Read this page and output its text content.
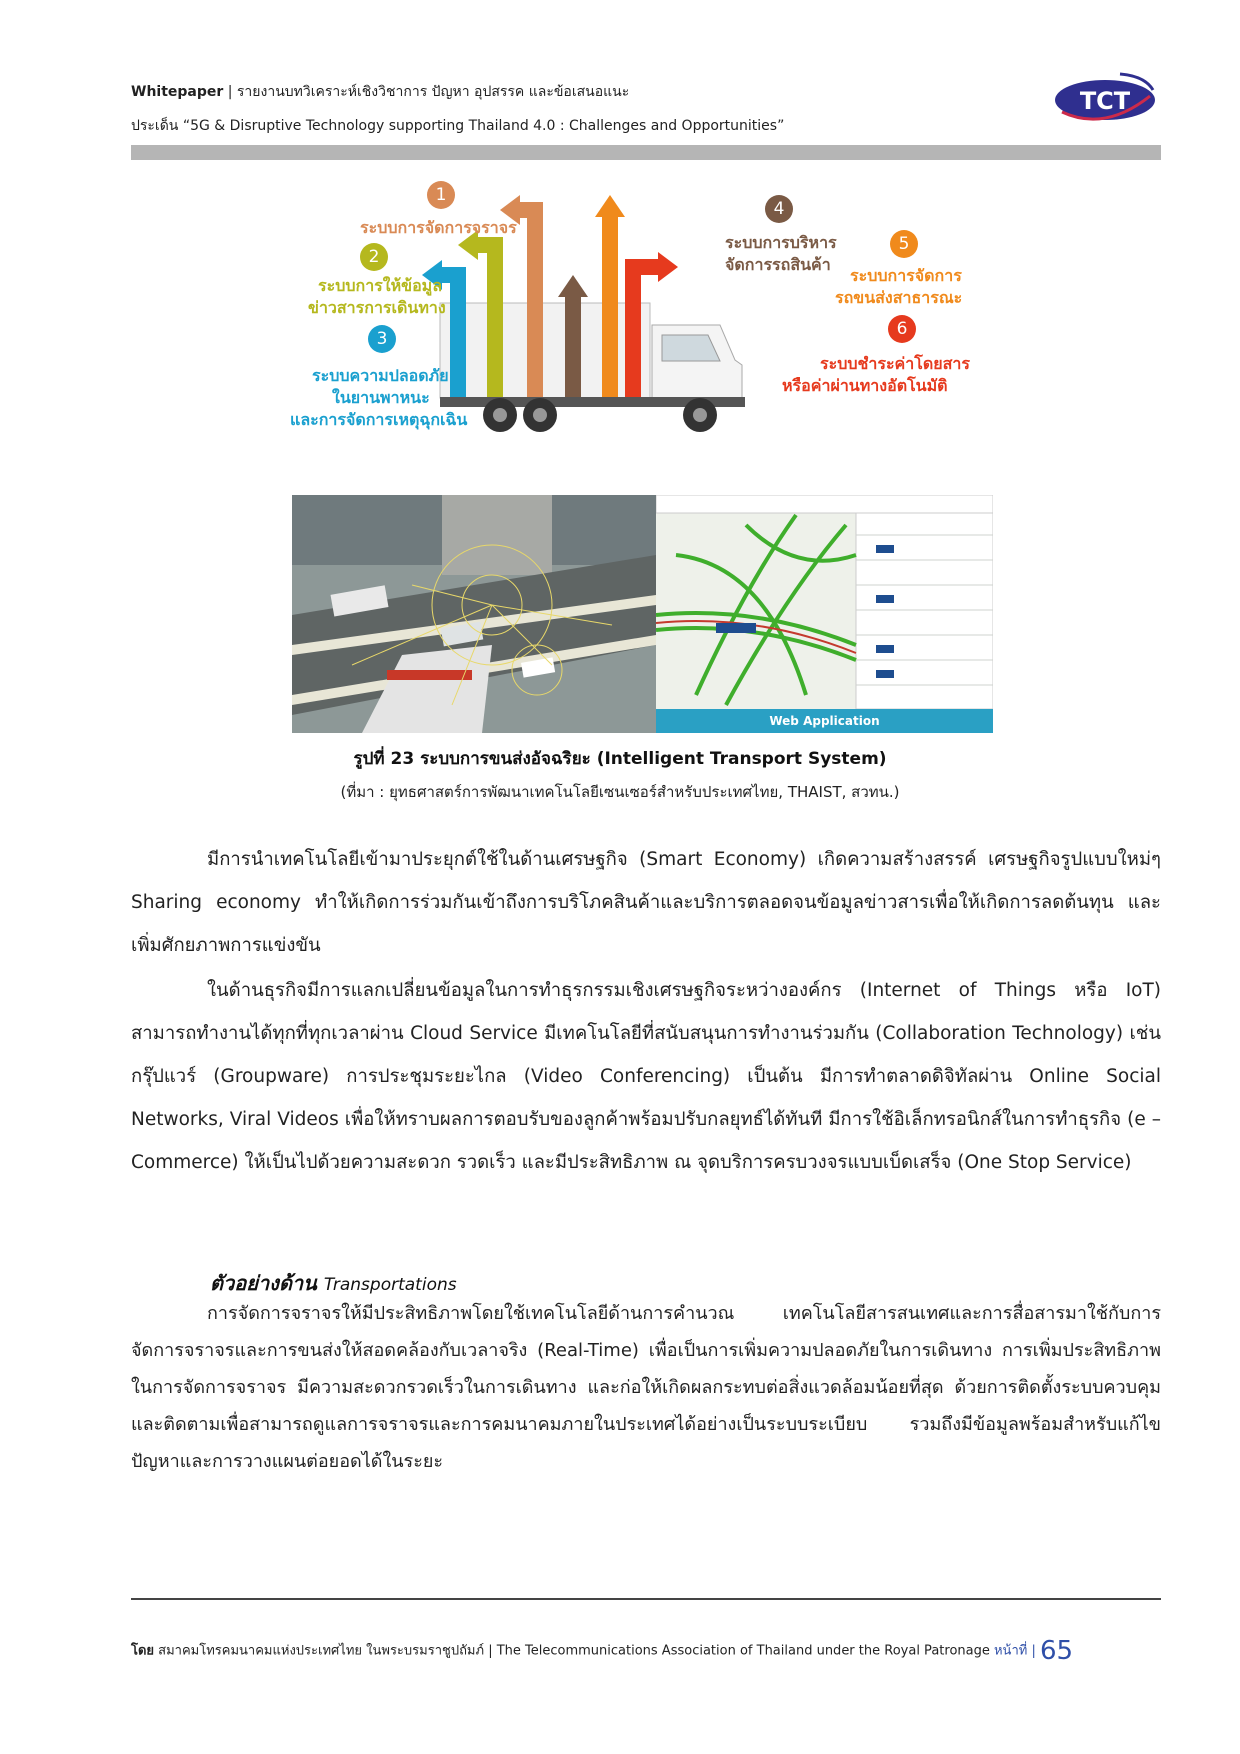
Whitepaper | รายงานบทวิเคราะห์เชิงวิชาการ ปัญหา อุปสรรค และข้อเสนอแนะ
ประเด็น “5G & Disruptive Technology supporting Thailand 4.0 : Challenges and Opportunities”
TCT
1
ระบบการจัดการจราจร
2
ระบบการให้ข้อมูล
ข่าวสารการเดินทาง
3
ระบบความปลอดภัย
ในยานพาหนะ
และการจัดการเหตุฉุกเฉิน
4
ระบบการบริหาร
จัดการรถสินค้า
5
ระบบการจัดการ
รถขนส่งสาธารณะ
6
ระบบชำระค่าโดยสาร
หรือค่าผ่านทางอัตโนมัติ
Web Application
รูปที่ 23 ระบบการขนส่งอัจฉริยะ (Intelligent Transport System)
(ที่มา : ยุทธศาสตร์การพัฒนาเทคโนโลยีเซนเซอร์สำหรับประเทศไทย, THAIST, สวทน.)
มีการนำเทคโนโลยีเข้ามาประยุกต์ใช้ในด้านเศรษฐกิจ (Smart Economy) เกิดความสร้างสรรค์ เศรษฐกิจรูปแบบใหม่ๆ Sharing economy ทำให้เกิดการร่วมกันเข้าถึงการบริโภคสินค้าและบริการตลอดจนข้อมูลข่าวสารเพื่อให้เกิดการลดต้นทุน และเพิ่มศักยภาพการแข่งขัน
ในด้านธุรกิจมีการแลกเปลี่ยนข้อมูลในการทำธุรกรรมเชิงเศรษฐกิจระหว่างองค์กร (Internet of Things หรือ IoT) สามารถทำงานได้ทุกที่ทุกเวลาผ่าน Cloud Service มีเทคโนโลยีที่สนับสนุนการทำงานร่วมกัน (Collaboration Technology) เช่น กรุ๊ปแวร์ (Groupware) การประชุมระยะไกล (Video Conferencing) เป็นต้น มีการทำตลาดดิจิทัลผ่าน Online Social Networks, Viral Videos เพื่อให้ทราบผลการตอบรับของลูกค้าพร้อมปรับกลยุทธ์ได้ทันที มีการใช้อิเล็กทรอนิกส์ในการทำธุรกิจ (e – Commerce) ให้เป็นไปด้วยความสะดวก รวดเร็ว และมีประสิทธิภาพ ณ จุดบริการครบวงจรแบบเบ็ดเสร็จ (One Stop Service)
ตัวอย่างด้าน Transportations
การจัดการจราจรให้มีประสิทธิภาพโดยใช้เทคโนโลยีด้านการคำนวณ เทคโนโลยีสารสนเทศและการสื่อสารมาใช้กับการจัดการจราจรและการขนส่งให้สอดคล้องกับเวลาจริง (Real-Time) เพื่อเป็นการเพิ่มความปลอดภัยในการเดินทาง การเพิ่มประสิทธิภาพในการจัดการจราจร มีความสะดวกรวดเร็วในการเดินทาง และก่อให้เกิดผลกระทบต่อสิ่งแวดล้อมน้อยที่สุด ด้วยการติดตั้งระบบควบคุมและติดตามเพื่อสามารถดูแลการจราจรและการคมนาคมภายในประเทศได้อย่างเป็นระบบระเบียบ รวมถึงมีข้อมูลพร้อมสำหรับแก้ไขปัญหาและการวางแผนต่อยอดได้ในระยะ
โดย สมาคมโทรคมนาคมแห่งประเทศไทย ในพระบรมราชูปถัมภ์ | The Telecommunications Association of Thailand under the Royal Patronage หน้าที่ | 65
